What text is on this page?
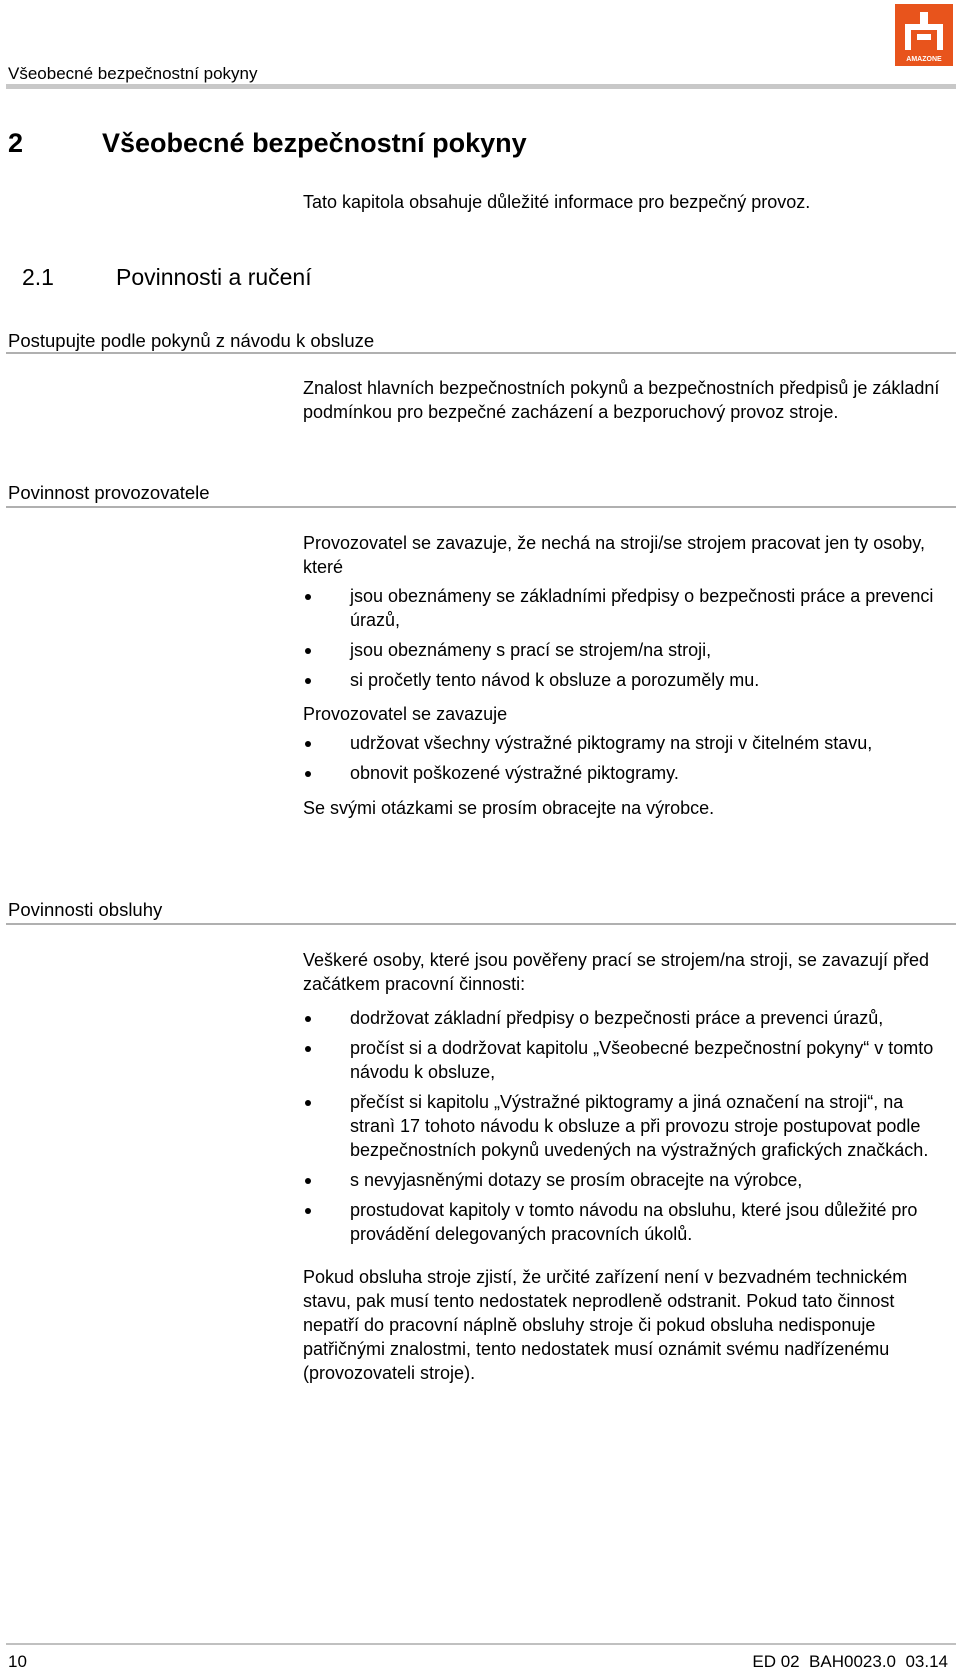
Všeobecné bezpečnostní pokyny
AMAZONE
2	Všeobecné bezpečnostní pokyny
Tato kapitola obsahuje důležité informace pro bezpečný provoz.
2.1	Povinnosti a ručení
Postupujte podle pokynů z návodu k obsluze

Znalost hlavních bezpečnostních pokynů a bezpečnostních předpisů je základní podmínkou pro bezpečné zacházení a bezporuchový provoz stroje.

Povinnost provozovatele

Provozovatel se zavazuje, že nechá na stroji/se strojem pracovat jen ty osoby, které

jsou obeznámeny se základními předpisy o bezpečnosti práce a prevenci úrazů,
jsou obeznámeny s prací se strojem/na stroji,
si pročetly tento návod k obsluze a porozuměly mu.

Provozovatel se zavazuje

udržovat všechny výstražné piktogramy na stroji v čitelném stavu,
obnovit poškozené výstražné piktogramy.

Se svými otázkami se prosím obracejte na výrobce.

Povinnosti obsluhy

Veškeré osoby, které jsou pověřeny prací se strojem/na stroji, se zavazují před začátkem pracovní činnosti:

dodržovat základní předpisy o bezpečnosti práce a prevenci úrazů,
pročíst si a dodržovat kapitolu „Všeobecné bezpečnostní pokyny“ v tomto návodu k obsluze,
přečíst si kapitolu „Výstražné piktogramy a jiná označení na stroji“, na stranì 17 tohoto návodu k obsluze a při provozu stroje postupovat podle bezpečnostních pokynů uvedených na výstražných grafických značkách.
s nevyjasněnými dotazy se prosím obracejte na výrobce,
prostudovat kapitoly v tomto návodu na obsluhu, které jsou důležité pro provádění delegovaných pracovních úkolů.

Pokud obsluha stroje zjistí, že určité zařízení není v bezvadném technickém stavu, pak musí tento nedostatek neprodleně odstranit. Pokud tato činnost nepatří do pracovní náplně obsluhy stroje či pokud obsluha nedisponuje patřičnými znalostmi, tento nedostatek musí oznámit svému nadřízenému (provozovateli stroje).

10	ED 02  BAH0023.0  03.14
